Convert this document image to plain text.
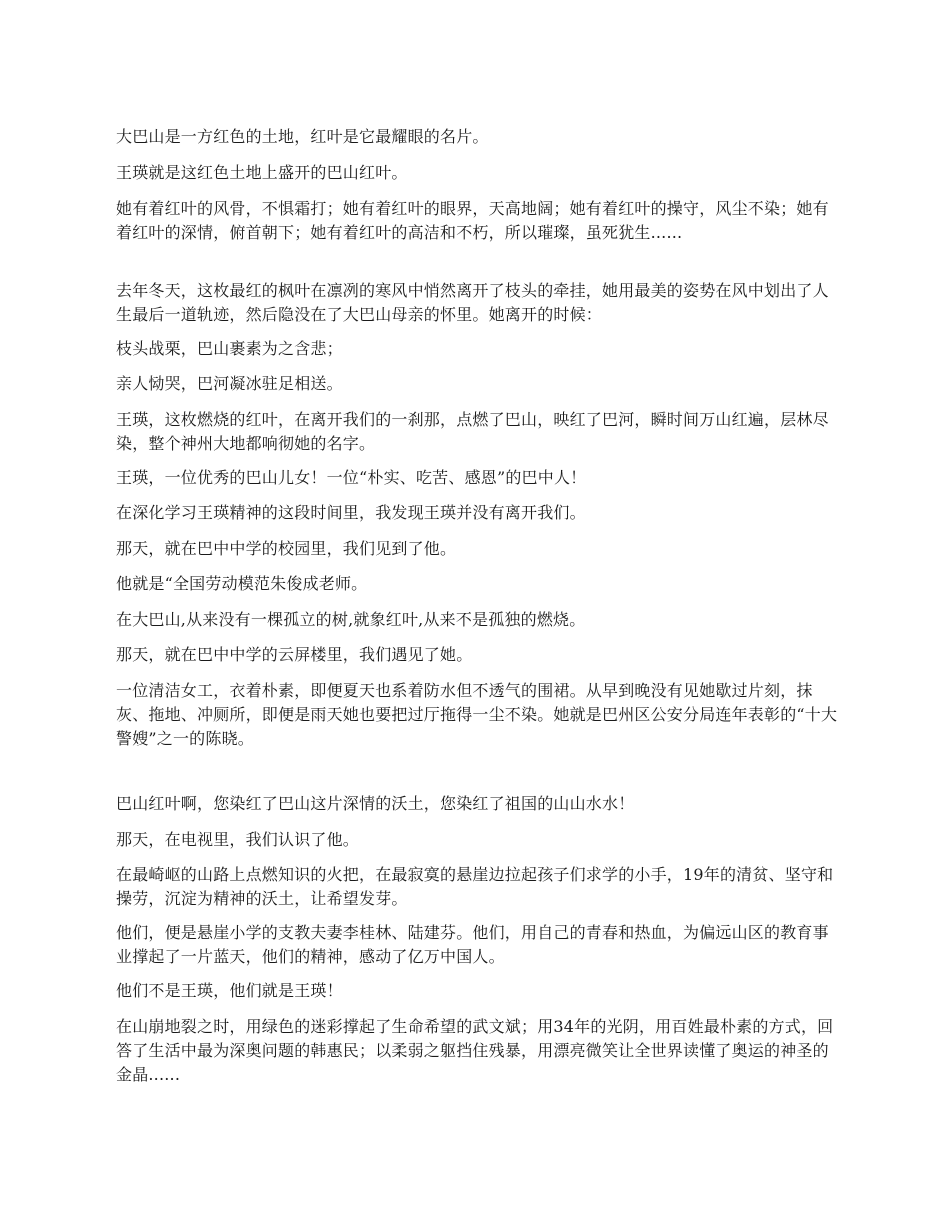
大巴山是一方红色的土地，红叶是它最耀眼的名片。

王瑛就是这红色土地上盛开的巴山红叶。

她有着红叶的风骨，不惧霜打；她有着红叶的眼界，天高地阔；她有着红叶的操守，风尘不染；她有着红叶的深情，俯首朝下；她有着红叶的高洁和不朽，所以璀璨，虽死犹生......

去年冬天，这枚最红的枫叶在凛冽的寒风中悄然离开了枝头的牵挂，她用最美的姿势在风中划出了人生最后一道轨迹，然后隐没在了大巴山母亲的怀里。她离开的时候：

枝头战栗，巴山裹素为之含悲；

亲人恸哭，巴河凝冰驻足相送。

王瑛，这枚燃烧的红叶，在离开我们的一刹那，点燃了巴山，映红了巴河，瞬时间万山红遍，层林尽染，整个神州大地都响彻她的名字。

王瑛，一位优秀的巴山儿女！一位“朴实、吃苦、感恩”的巴中人！

在深化学习王瑛精神的这段时间里，我发现王瑛并没有离开我们。

那天，就在巴中中学的校园里，我们见到了他。

他就是“全国劳动模范朱俊成老师。

在大巴山,从来没有一棵孤立的树,就象红叶,从来不是孤独的燃烧。

那天，就在巴中中学的云屏楼里，我们遇见了她。

一位清洁女工，衣着朴素，即便夏天也系着防水但不透气的围裙。从早到晚没有见她歇过片刻，抹灰、拖地、冲厕所，即便是雨天她也要把过厅拖得一尘不染。她就是巴州区公安分局连年表彰的“十大警嫂”之一的陈晓。

巴山红叶啊，您染红了巴山这片深情的沃土，您染红了祖国的山山水水！

那天，在电视里，我们认识了他。

在最崎岖的山路上点燃知识的火把，在最寂寞的悬崖边拉起孩子们求学的小手，19年的清贫、坚守和操劳，沉淀为精神的沃土，让希望发芽。

他们，便是悬崖小学的支教夫妻李桂林、陆建芬。他们，用自己的青春和热血，为偏远山区的教育事业撑起了一片蓝天，他们的精神，感动了亿万中国人。

他们不是王瑛，他们就是王瑛！

在山崩地裂之时，用绿色的迷彩撑起了生命希望的武文斌；用34年的光阴，用百姓最朴素的方式，回答了生活中最为深奥问题的韩惠民；以柔弱之躯挡住残暴，用漂亮微笑让全世界读懂了奥运的神圣的金晶......
